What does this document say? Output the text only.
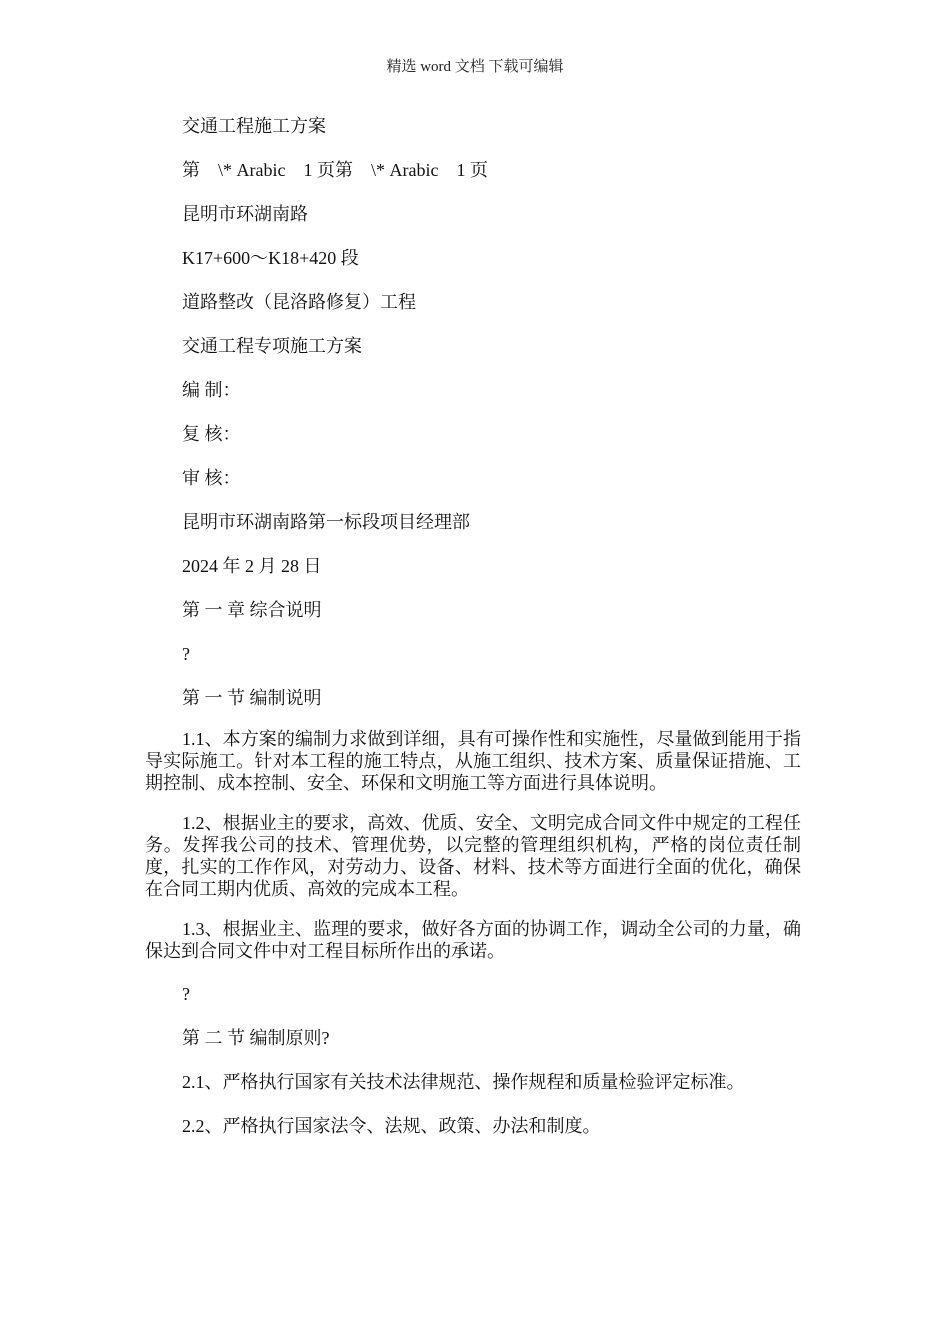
精选 word 文档 下载可编辑

交通工程施工方案

第　\* Arabic　1 页第　\* Arabic　1 页

昆明市环湖南路

K17+600～K18+420 段

道路整改（昆洛路修复）工程

交通工程专项施工方案

编 制：

复 核：

审 核：

昆明市环湖南路第一标段项目经理部

2024 年 2 月 28 日

第 一 章 综合说明

?

第 一 节 编制说明

1.1、本方案的编制力求做到详细，具有可操作性和实施性，尽量做到能用于指导实际施工。针对本工程的施工特点，从施工组织、技术方案、质量保证措施、工期控制、成本控制、安全、环保和文明施工等方面进行具体说明。

1.2、根据业主的要求，高效、优质、安全、文明完成合同文件中规定的工程任务。发挥我公司的技术、管理优势，以完整的管理组织机构，严格的岗位责任制度，扎实的工作作风，对劳动力、设备、材料、技术等方面进行全面的优化，确保在合同工期内优质、高效的完成本工程。

1.3、根据业主、监理的要求，做好各方面的协调工作，调动全公司的力量，确保达到合同文件中对工程目标所作出的承诺。

?

第 二 节 编制原则?

2.1、严格执行国家有关技术法律规范、操作规程和质量检验评定标准。

2.2、严格执行国家法令、法规、政策、办法和制度。
